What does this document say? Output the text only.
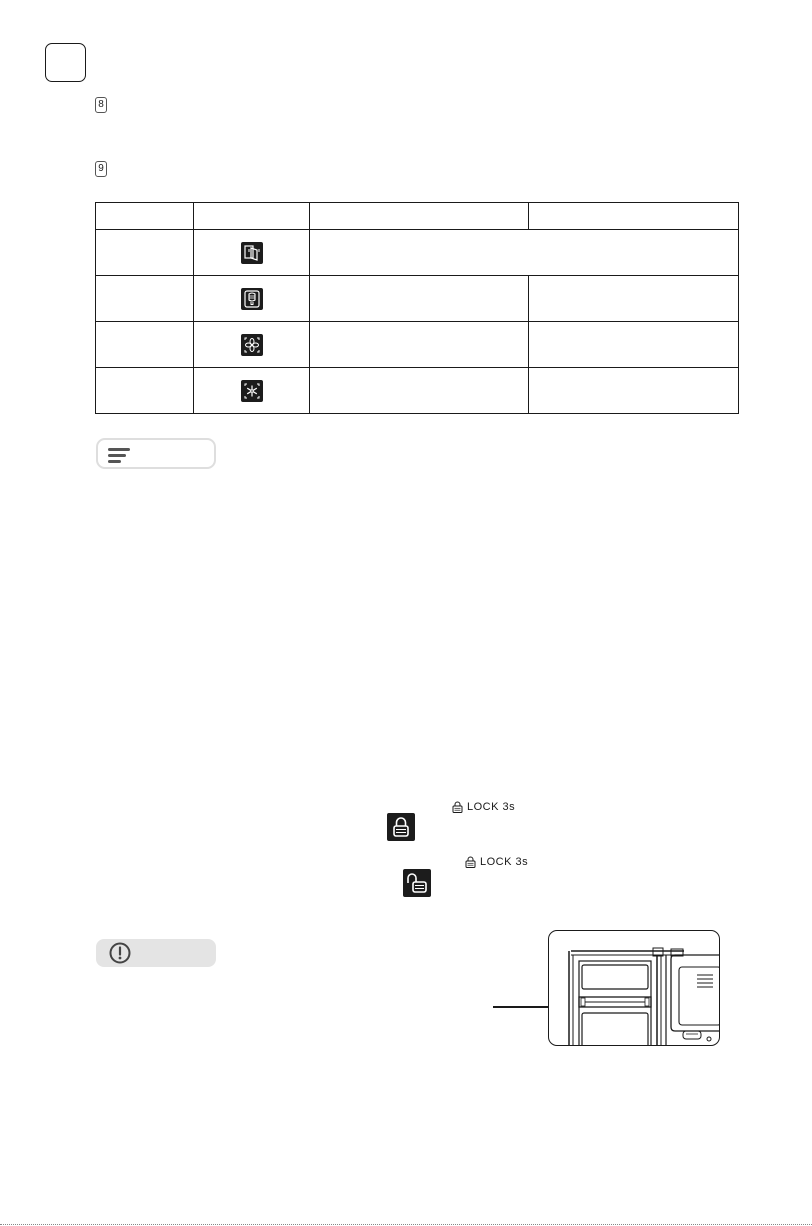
8
9

LOCK 3s
LOCK 3s
